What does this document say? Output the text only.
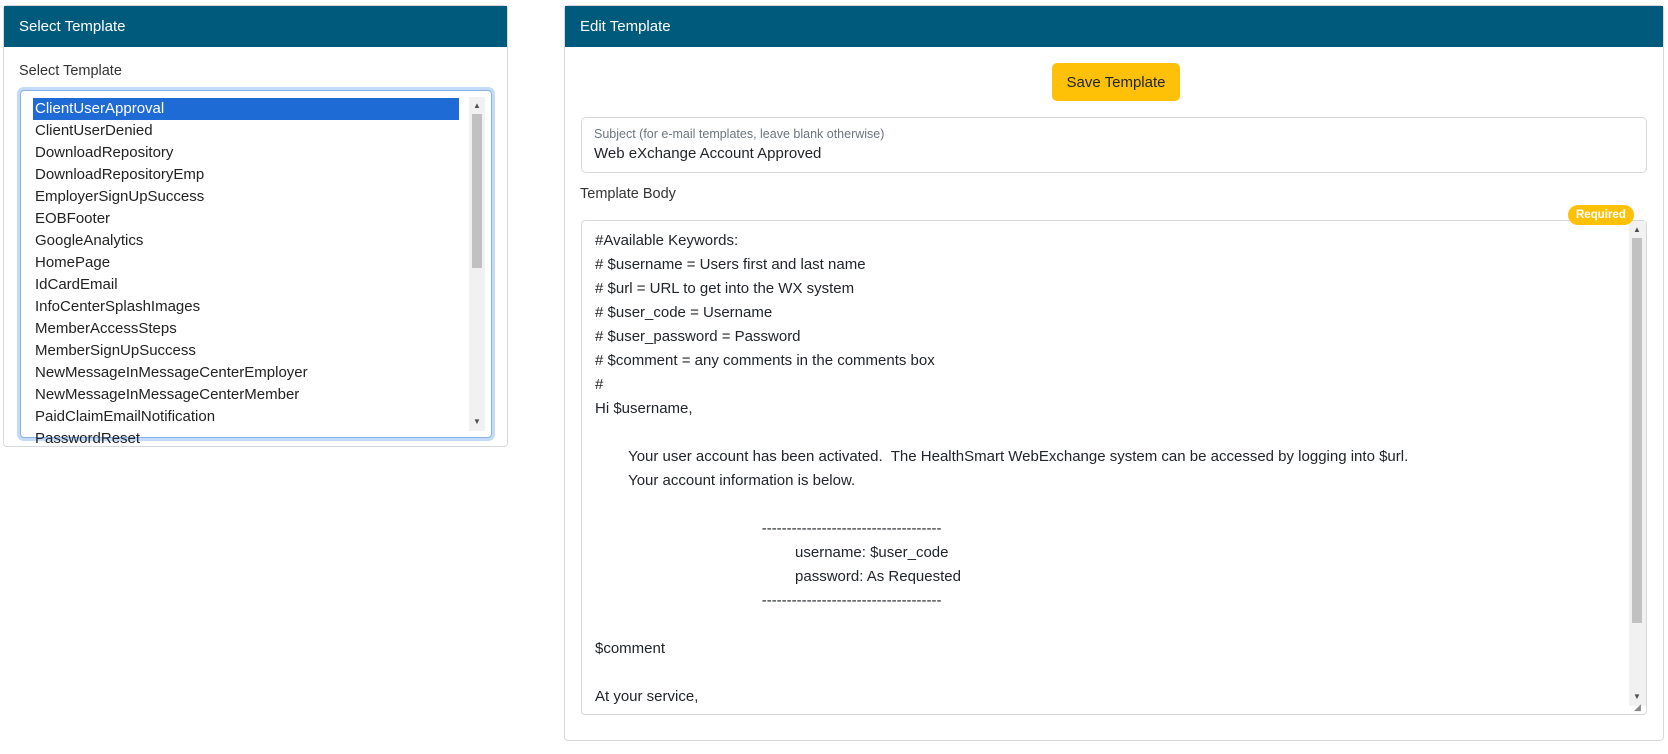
Select Template
Select Template
ClientUserApproval
ClientUserDenied
DownloadRepository
DownloadRepositoryEmp
EmployerSignUpSuccess
EOBFooter
GoogleAnalytics
HomePage
IdCardEmail
InfoCenterSplashImages
MemberAccessSteps
MemberSignUpSuccess
NewMessageInMessageCenterEmployer
NewMessageInMessageCenterMember
PaidClaimEmailNotification
PasswordReset
▲
▼
Edit Template
Save Template
Subject (for e-mail templates, leave blank otherwise)
Web eXchange Account Approved
Template Body
#Available Keywords:
# $username = Users first and last name
# $url = URL to get into the WX system
# $user_code = Username
# $user_password = Password
# $comment = any comments in the comments box
#
Hi $username,

Your user account has been activated.  The HealthSmart WebExchange system can be accessed by logging into $url.
Your account information is below.

------------------------------------
username: $user_code
password: As Requested
------------------------------------

$comment

At your service,
▲
▼
◢
Required
